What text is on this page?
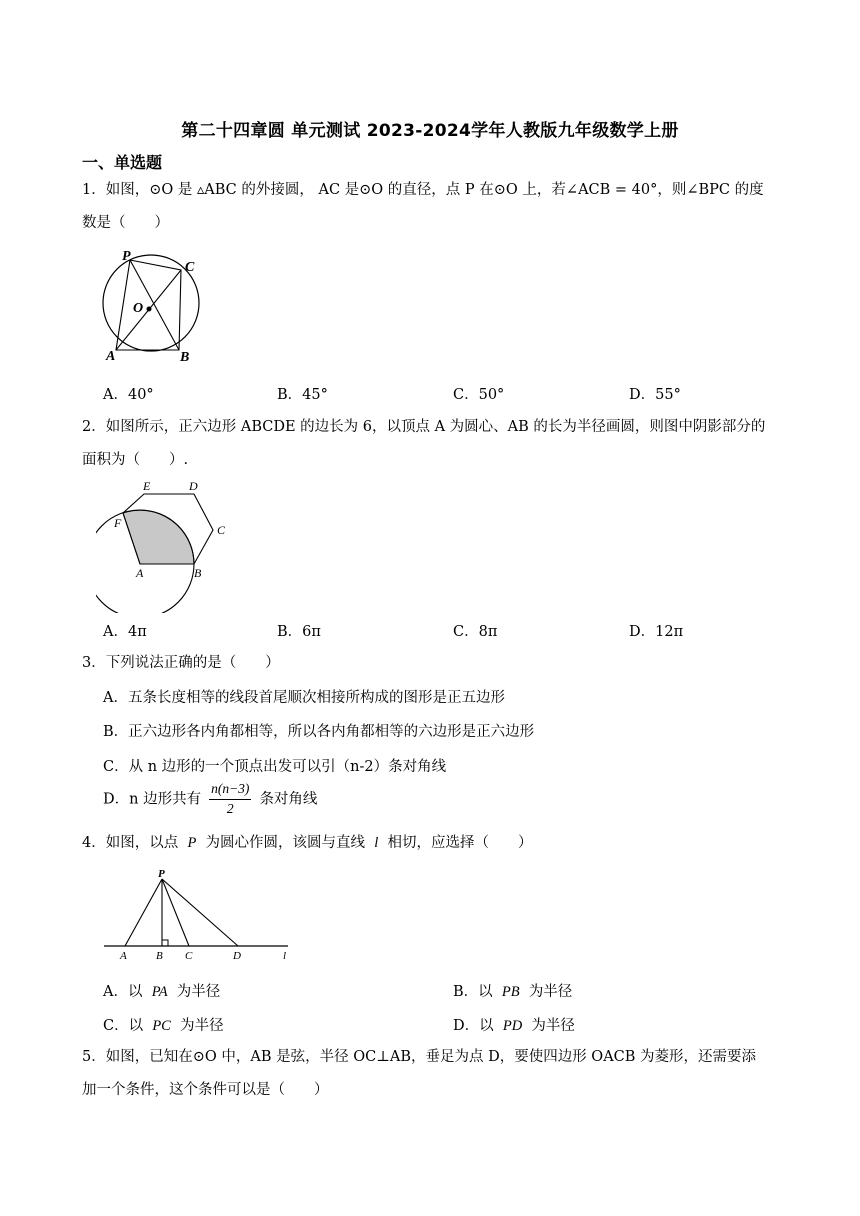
第二十四章圆 单元测试 2023-2024学年人教版九年级数学上册
一、单选题
1．如图，⊙O 是 ▵ABC 的外接圆， AC 是⊙O 的直径，点 P 在⊙O 上，若∠ACB = 40°，则∠BPC 的度
数是（　　）
P
C
O
A	B
A．40°	B．45°	C．50°	D．55°
2．如图所示，正六边形 ABCDE 的边长为 6，以顶点 A 为圆心、AB 的长为半径画圆，则图中阴影部分的
面积为（　　）.
E	D
F	C
A	B
A．4π	B．6π	C．8π	D．12π
3．下列说法正确的是（　　）
A．五条长度相等的线段首尾顺次相接所构成的图形是正五边形
B．正六边形各内角都相等，所以各内角都相等的六边形是正六边形
C．从 n 边形的一个顶点出发可以引（n-2）条对角线
D．n 边形共有 $\frac{n(n-3)}{2}$ 条对角线
4．如图，以点 P 为圆心作圆，该圆与直线 l 相切，应选择（　　）
P
A	B C	D	l
A．以 PA 为半径	B．以 PB 为半径
C．以 PC 为半径	D．以 PD 为半径
5．如图，已知在⊙O 中，AB 是弦，半径 OC⊥AB，垂足为点 D，要使四边形 OACB 为菱形，还需要添
加一个条件，这个条件可以是（　　）
